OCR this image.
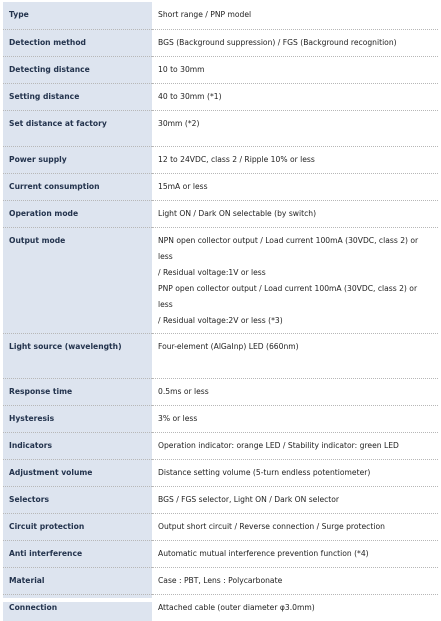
Type	Short range / PNP model

Detection method	BGS (Background suppression) / FGS (Background recognition)

Detecting distance	10 to 30mm

Setting distance	40 to 30mm (*1)

Set distance at factory	30mm (*2)

Power supply	12 to 24VDC, class 2 / Ripple 10% or less

Current consumption	15mA or less

Operation mode	Light ON / Dark ON selectable (by switch)

Output mode	NPN open collector output / Load current 100mA (30VDC, class 2) or less
/ Residual voltage:1V or less
PNP open collector output / Load current 100mA (30VDC, class 2) or less
/ Residual voltage:2V or less (*3)

Light source (wavelength)	Four-element (AlGaInp) LED (660nm)

Response time	0.5ms or less

Hysteresis	3% or less

Indicators	Operation indicator: orange LED / Stability indicator: green LED

Adjustment volume	Distance setting volume (5-turn endless potentiometer)

Selectors	BGS / FGS selector, Light ON / Dark ON selector

Circuit protection	Output short circuit / Reverse connection / Surge protection

Anti interference	Automatic mutual interference prevention function (*4)

Material	Case : PBT, Lens : Polycarbonate

Connection	Attached cable (outer diameter φ3.0mm)
